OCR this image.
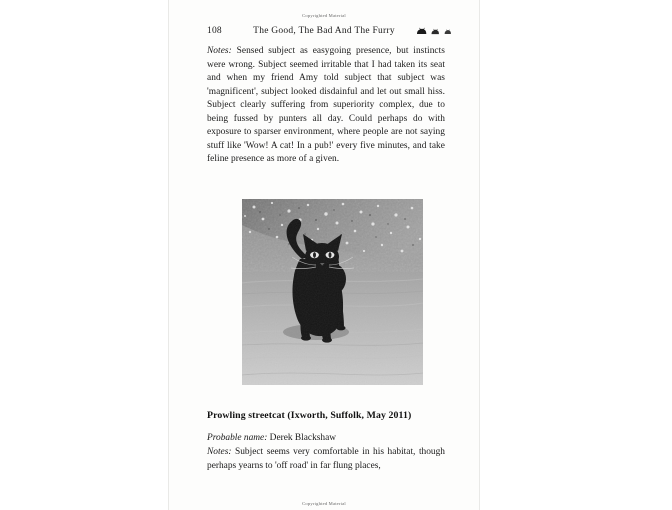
Copyrighted Material
108	The Good, The Bad And The Furry

Notes: Sensed subject as easygoing presence, but instincts were wrong. Subject seemed irritable that I had taken its seat and when my friend Amy told subject that subject was 'magnificent', subject looked disdainful and let out small hiss. Subject clearly suffering from superiority complex, due to being fussed by punters all day. Could perhaps do with exposure to sparser environment, where people are not saying stuff like 'Wow! A cat! In a pub!' every five minutes, and take feline presence as more of a given.

Prowling streetcat (Ixworth, Suffolk, May 2011)

Probable name: Derek Blackshaw

Notes: Subject seems very comfortable in his habitat, though perhaps yearns to 'off road' in far flung places,

Copyrighted Material
